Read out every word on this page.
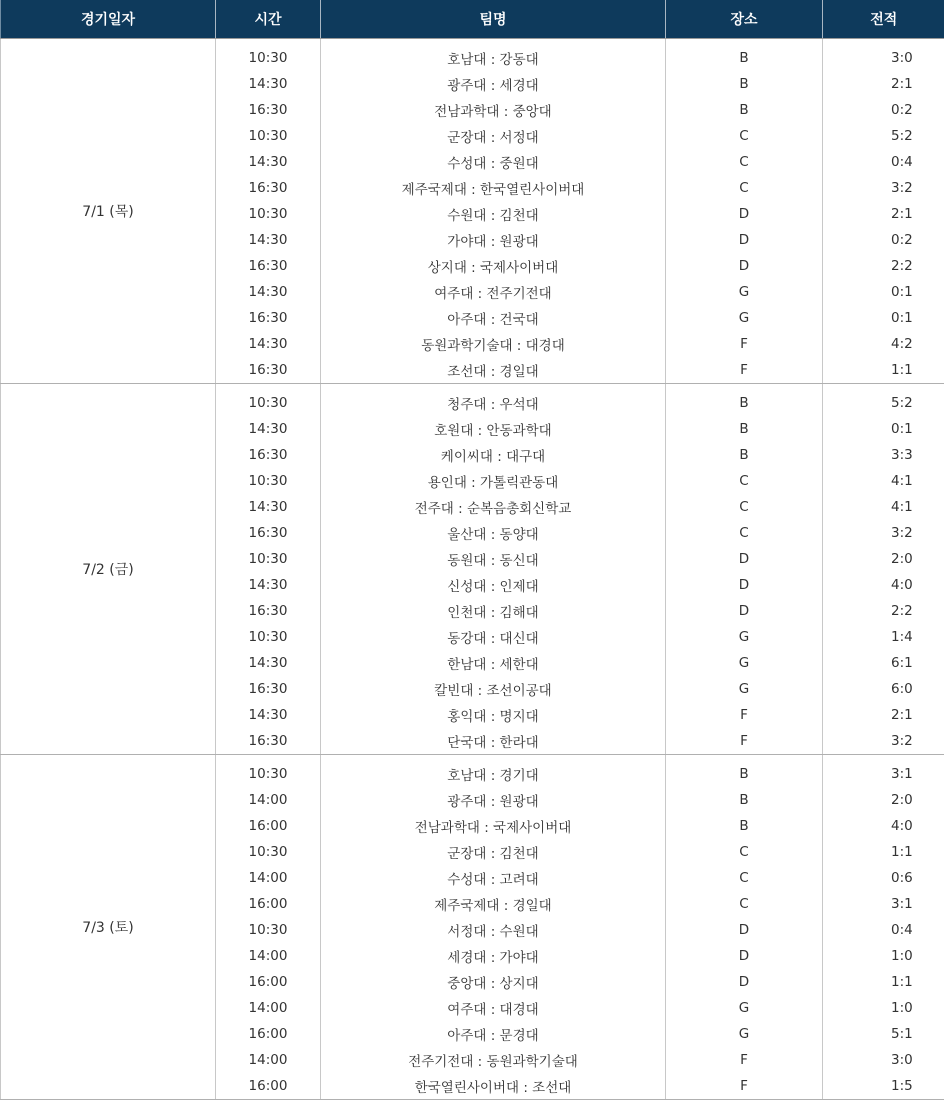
경기일자	시간	팀명	장소	전적
7/1 (목)	10:30	호남대 : 강동대	B	3:0
	14:30	광주대 : 세경대	B	2:1
	16:30	전남과학대 : 중앙대	B	0:2
	10:30	군장대 : 서정대	C	5:2
	14:30	수성대 : 중원대	C	0:4
	16:30	제주국제대 : 한국열린사이버대	C	3:2
	10:30	수원대 : 김천대	D	2:1
	14:30	가야대 : 원광대	D	0:2
	16:30	상지대 : 국제사이버대	D	2:2
	14:30	여주대 : 전주기전대	G	0:1
	16:30	아주대 : 건국대	G	0:1
	14:30	동원과학기술대 : 대경대	F	4:2
	16:30	조선대 : 경일대	F	1:1
7/2 (금)	10:30	청주대 : 우석대	B	5:2
	14:30	호원대 : 안동과학대	B	0:1
	16:30	케이씨대 : 대구대	B	3:3
	10:30	용인대 : 가톨릭관동대	C	4:1
	14:30	전주대 : 순복음총회신학교	C	4:1
	16:30	울산대 : 동양대	C	3:2
	10:30	동원대 : 동신대	D	2:0
	14:30	신성대 : 인제대	D	4:0
	16:30	인천대 : 김해대	D	2:2
	10:30	동강대 : 대신대	G	1:4
	14:30	한남대 : 세한대	G	6:1
	16:30	칼빈대 : 조선이공대	G	6:0
	14:30	홍익대 : 명지대	F	2:1
	16:30	단국대 : 한라대	F	3:2
7/3 (토)	10:30	호남대 : 경기대	B	3:1
	14:00	광주대 : 원광대	B	2:0
	16:00	전남과학대 : 국제사이버대	B	4:0
	10:30	군장대 : 김천대	C	1:1
	14:00	수성대 : 고려대	C	0:6
	16:00	제주국제대 : 경일대	C	3:1
	10:30	서정대 : 수원대	D	0:4
	14:00	세경대 : 가야대	D	1:0
	16:00	중앙대 : 상지대	D	1:1
	14:00	여주대 : 대경대	G	1:0
	16:00	아주대 : 문경대	G	5:1
	14:00	전주기전대 : 동원과학기술대	F	3:0
	16:00	한국열린사이버대 : 조선대	F	1:5
